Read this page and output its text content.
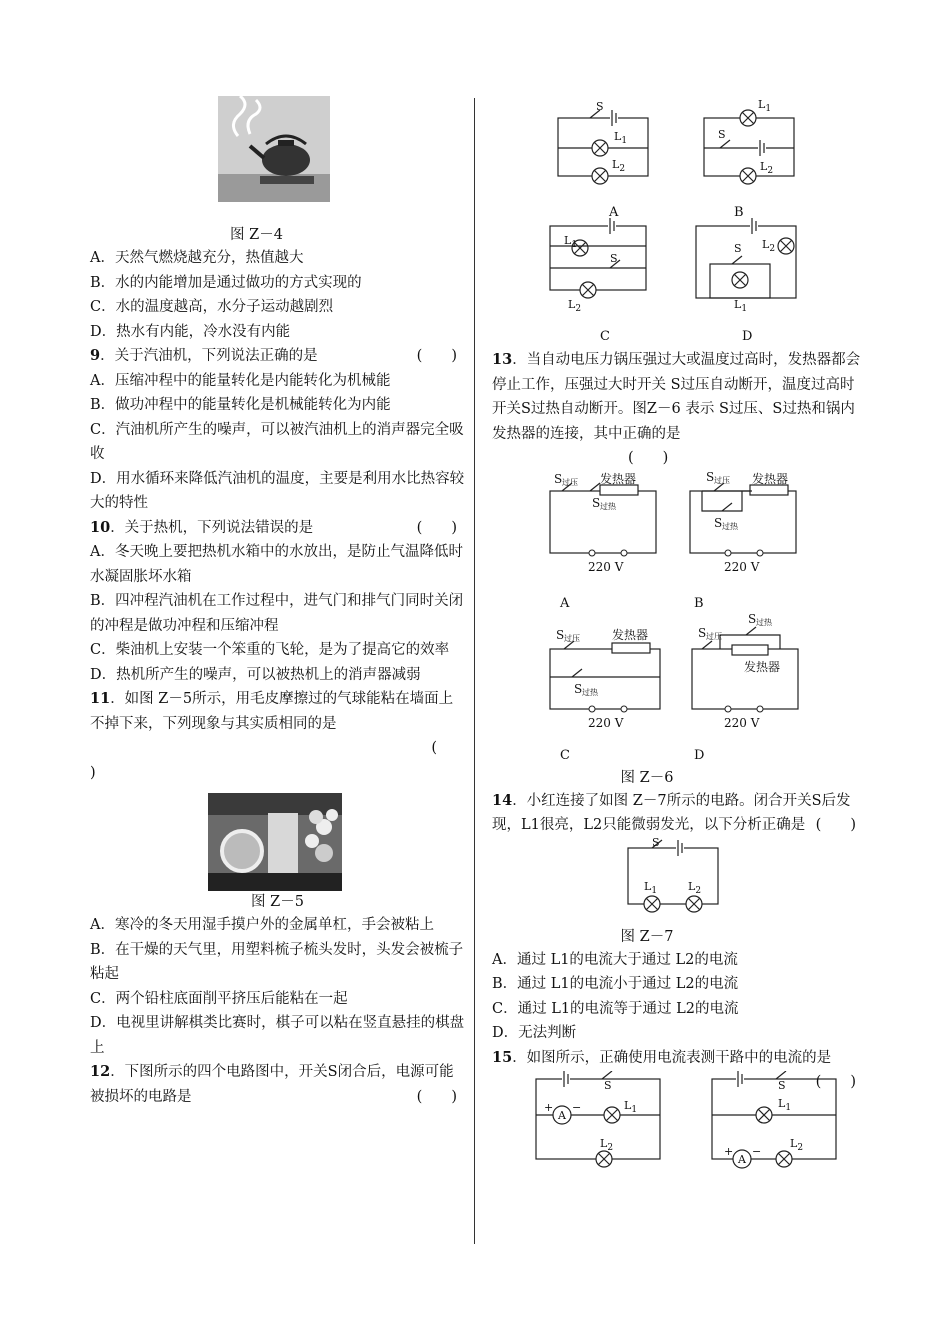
图 Z－4

A．天然气燃烧越充分，热值越大

B．水的内能增加是通过做功的方式实现的

C．水的温度越高，水分子运动越剧烈

D．热水有内能，冷水没有内能

9．关于汽油机，下列说法正确的是	(　　)

A．压缩冲程中的能量转化是内能转化为机械能

B．做功冲程中的能量转化是机械能转化为内能

C．汽油机所产生的噪声，可以被汽油机上的消声器完全吸收

D．用水循环来降低汽油机的温度，主要是利用水比热容较大的特性

10．关于热机，下列说法错误的是	(　　)

A．冬天晚上要把热机水箱中的水放出，是防止气温降低时水凝固胀坏水箱

B．四冲程汽油机在工作过程中，进气门和排气门同时关闭的冲程是做功冲程和压缩冲程

C．柴油机上安装一个笨重的飞轮，是为了提高它的效率

D．热机所产生的噪声，可以被热机上的消声器减弱

11．如图 Z－5所示，用毛皮摩擦过的气球能粘在墙面上不掉下来，下列现象与其实质相同的是

(

)

图 Z－5

A．寒冷的冬天用湿手摸户外的金属单杠，手会被粘上

B．在干燥的天气里，用塑料梳子梳头发时，头发会被梳子粘起

C．两个铅柱底面削平挤压后能粘在一起

D．电视里讲解棋类比赛时，棋子可以粘在竖直悬挂的棋盘上

12．下图所示的四个电路图中，开关S闭合后，电源可能被损坏的电路是	(　　)

S
$L_1$
$L_2$
S
$L_1$
$L_2$
$L_1$
S
$L_2$
S $L_2$
$L_1$
A	B
C	D

13．当自动电压力锅压强过大或温度过高时，发热器都会停止工作，压强过大时开关 S过压自动断开，温度过高时开关S过热自动断开。图Z－6 表示 S过压、S过热和锅内发热器的连接，其中正确的是

(　　)

S 过压
S 过热
发热器
220 V
S 过压
S 过热
发热器
220 V
S 过压	发热器
S 过热
220 V
S 过压
S 过热
发热器
220 V
A	B
C	D

图 Z－6

14．小红连接了如图 Z－7所示的电路。闭合开关S后发现，L1很亮，L2只能微弱发光，以下分析正确是 (　　)

S
$L_1$	$L_2$

图 Z－7

A．通过 L1的电流大于通过 L2的电流

B．通过 L1的电流小于通过 L2的电流

C．通过 L1的电流等于通过 L2的电流

D．无法判断

15．如图所示，正确使用电流表测干路中的电流的是
(　　)

S
A
+ −	$L_1$
$L_2$
S
$L_1$
A
+ −
$L_2$
